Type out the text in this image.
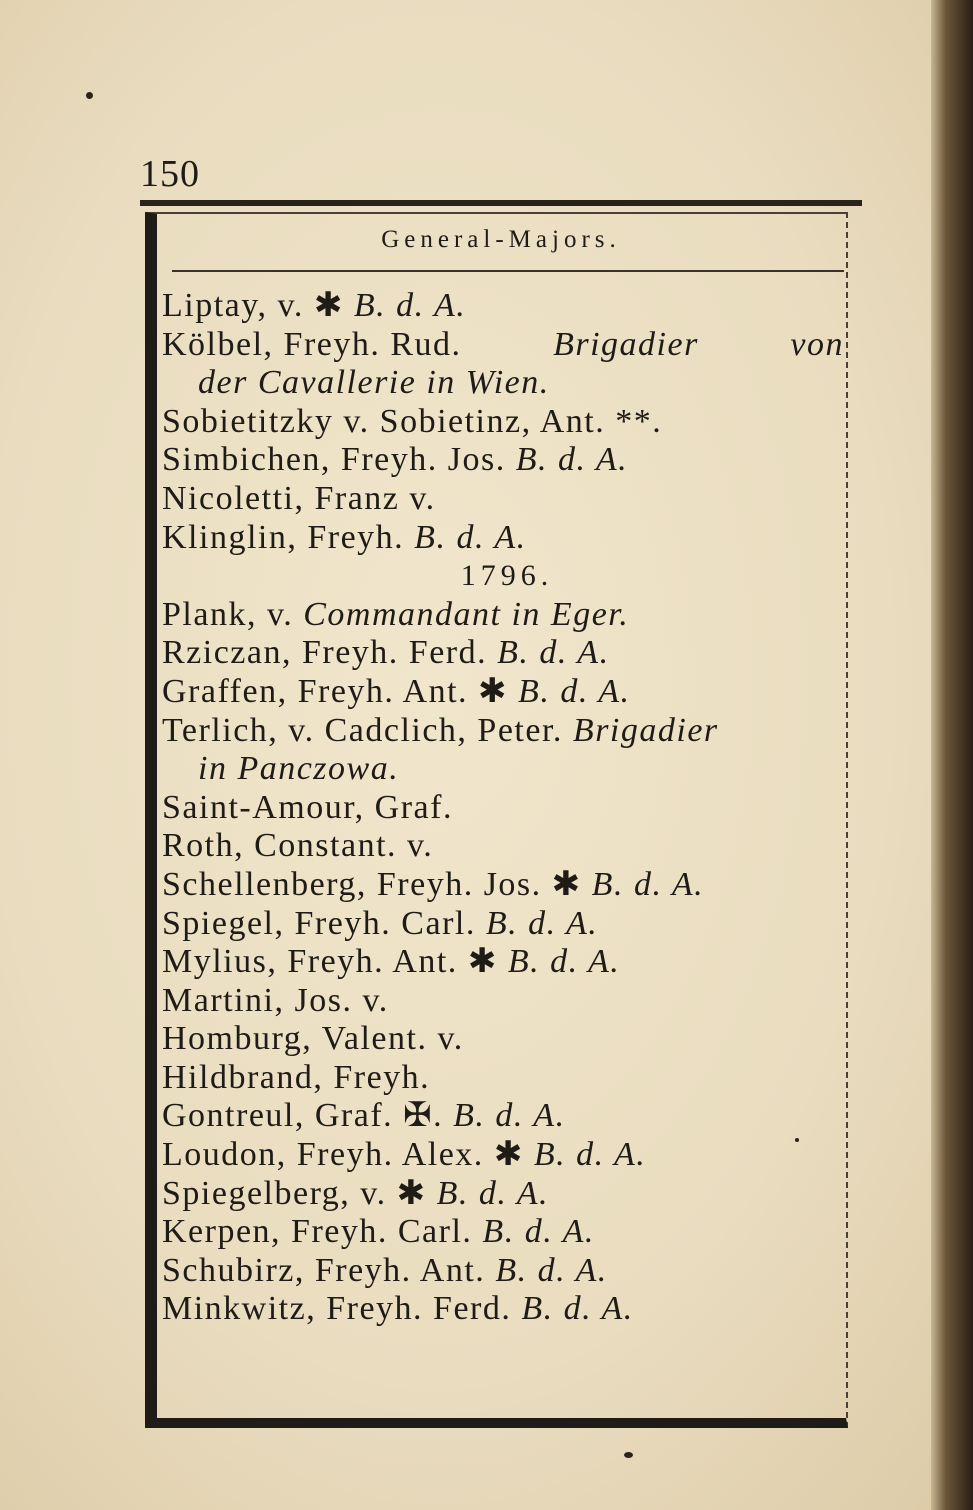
150
General-Majors.
Liptay, v. ✱ B. d. A.
Kölbel, Freyh. Rud.	Brigadier	von
der Cavallerie in Wien.
Sobietitzky v. Sobietinz, Ant. **.
Simbichen, Freyh. Jos. B. d. A.
Nicoletti, Franz v.
Klinglin, Freyh. B. d. A.
1796.
Plank, v. Commandant in Eger.
Rziczan, Freyh. Ferd. B. d. A.
Graffen, Freyh. Ant. ✱ B. d. A.
Terlich, v. Cadclich, Peter. Brigadier
in Panczowa.
Saint-Amour, Graf.
Roth, Constant. v.
Schellenberg, Freyh. Jos. ✱ B. d. A.
Spiegel, Freyh. Carl. B. d. A.
Mylius, Freyh. Ant. ✱ B. d. A.
Martini, Jos. v.
Homburg, Valent. v.
Hildbrand, Freyh.
Gontreul, Graf. ✠. B. d. A.
Loudon, Freyh. Alex. ✱ B. d. A.
Spiegelberg, v. ✱ B. d. A.
Kerpen, Freyh. Carl. B. d. A.
Schubirz, Freyh. Ant. B. d. A.
Minkwitz, Freyh. Ferd. B. d. A.
